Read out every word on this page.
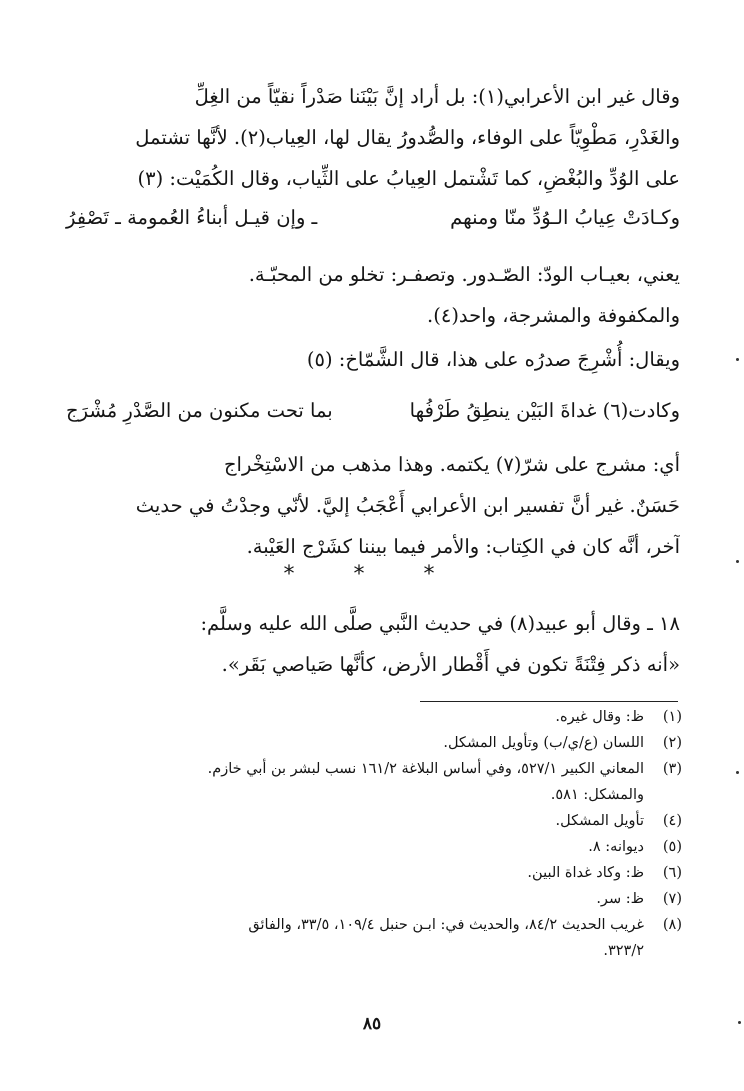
وقال غير ابن الأعرابي(١): بل أراد إنَّ بَيْنَنا صَدْراً نقيّاً من الغِلِّ
والغَدْرِ، مَطْوِيّاً على الوفاء، والصُّدورُ يقال لها، العِياب(٢). لأنَّها تشتمل
على الوُدِّ والبُغْضِ، كما تَشْتمل العِيابُ على الثِّياب، وقال الكُمَيْت: (٣)
وكـادَتْ عِيابُ الـوُدِّ منّا ومنهم
ـ وإن قيـل أبناءُ العُمومة ـ تَصْفِرُ
يعني، بعيـاب الودّ: الصّـدور. وتصفـر: تخلو من المحبّـة.
والمكفوفة والمشرجة، واحد(٤).
ويقال: أُشْرِجَ صدرُه على هذا، قال الشَّمّاخ: (٥)
وكادت(٦) غداةَ البَيْن ينطِقُ طَرْفُها
بما تحت مكنون من الصَّدْرِ مُشْرَج
أي: مشرج على شرّ(٧) يكتمه. وهذا مذهب من الاسْتِخْراج
حَسَنٌ. غير أنَّ تفسير ابن الأعرابي أَعْجَبُ إليَّ. لأنّي وجدْتُ في حديث
آخر، أنَّه كان في الكِتاب: والأمر فيما بيننا كشَرْج العَيْبة.
* * *
١٨ ـ وقال أبو عبيد(٨) في حديث النَّبي صلَّى الله عليه وسلَّم:
«أنه ذكر فِتْنَةً تكون في أَقْطار الأرض، كأنَّها صَياصي بَقَر».
(١)
ظ: وقال غيره.
(٢)
اللسان (ع/ي/ب) وتأويل المشكل.
(٣)
المعاني الكبير ٥٢٧/١، وفي أساس البلاغة ١٦١/٢ نسب لبشر بن أبي خازم.
والمشكل: ٥٨١.
(٤)
تأويل المشكل.
(٥)
ديوانه: ٨.
(٦)
ظ: وكاد غداة البين.
(٧)
ظ: سر.
(٨)
غريب الحديث ٨٤/٢، والحديث في: ابـن حنبل ١٠٩/٤، ٣٣/٥، والفائق
٣٢٣/٢.
٨٥
